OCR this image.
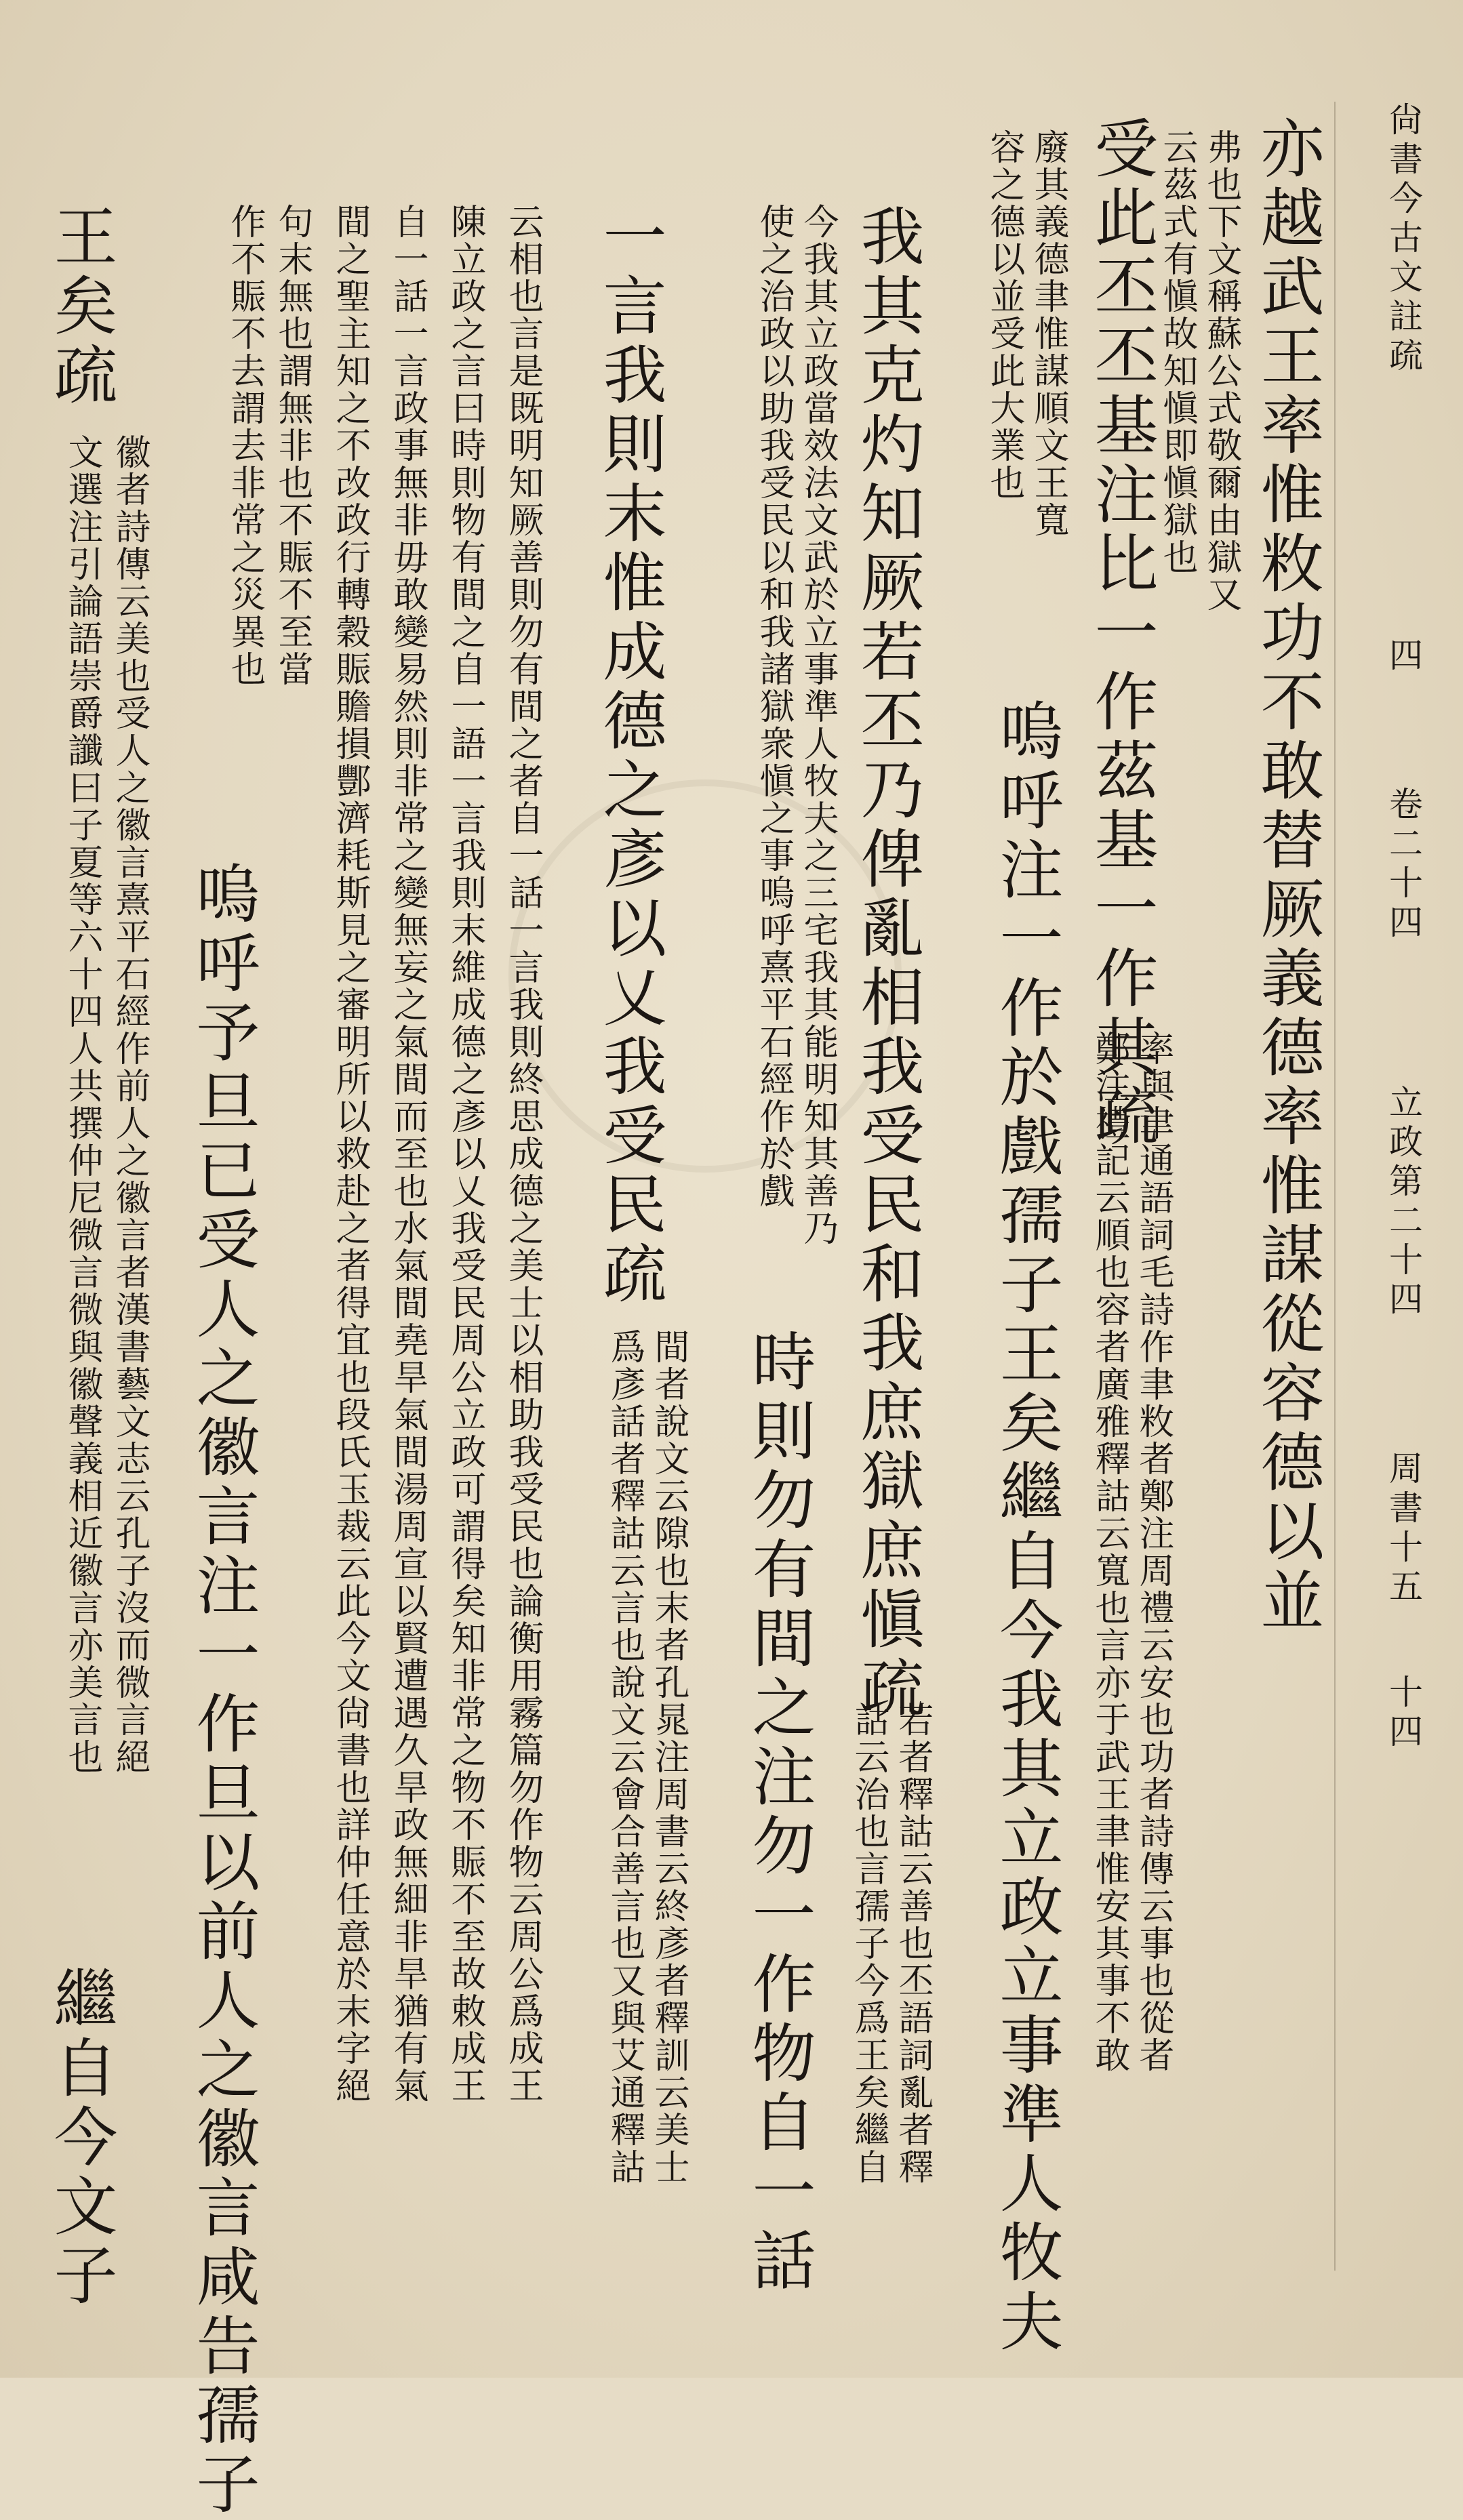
尙書今古文註疏
四
卷二十四
立政第二十四
周書十五
十四
亦越武王率惟敉功不敢替厥義德率惟謀從容德以並
弗也下文稱蘇公式敬爾由獄又
云茲式有愼故知愼即愼獄也
受此丕丕基注比一作茲基一作其疏
率與聿通語詞毛詩作聿敉者鄭注周禮云安也功者詩傳云事也從者
鄭注禮記云順也容者廣雅釋詁云寬也言亦于武王聿惟安其事不敢
廢其義德聿惟謀順文王寬
容之德以並受此大業也
嗚呼注一作於戲孺子王矣繼自今我其立政立事準人牧夫
我其克灼知厥若丕乃俾亂相我受民和我庶獄庶愼疏
若者釋詁云善也丕語詞亂者釋
詁云治也言孺子今爲王矣繼自
今我其立政當效法文武於立事準人牧夫之三宅我其能明知其善乃
使之治政以助我受民以和我諸獄衆愼之事嗚呼熹平石經作於戲
時則勿有間之注勿一作物自一話
一言我則末惟成德之彥以乂我受民疏
間者說文云隙也末者孔晁注周書云終彥者釋訓云美士
爲彥話者釋詁云言也說文云會合善言也又與艾通釋詁
云相也言是既明知厥善則勿有間之者自一話一言我則終思成德之美士以相助我受民也論衡用霧篇勿作物云周公爲成王
陳立政之言曰時則物有間之自一語一言我則末維成德之彥以乂我受民周公立政可謂得矣知非常之物不賑不至故敕成王
自一話一言政事無非毋敢變易然則非常之變無妄之氣間而至也水氣間堯旱氣間湯周宣以賢遭遇久旱政無細非旱猶有氣
間之聖主知之不改政行轉穀賑贍損酆濟耗斯見之審明所以救赴之者得宜也段氏玉裁云此今文尙書也詳仲任意於末字絕
句末無也謂無非也不賑不至當
作不賑不去謂去非常之災異也
嗚呼予旦已受人之徽言注一作旦以前人之徽言咸告孺子
王矣疏
徽者詩傳云美也受人之徽言熹平石經作前人之徽言者漢書藝文志云孔子沒而微言絕
文選注引論語崇爵讖曰子夏等六十四人共撰仲尼微言微與徽聲義相近徽言亦美言也
繼自今文子
